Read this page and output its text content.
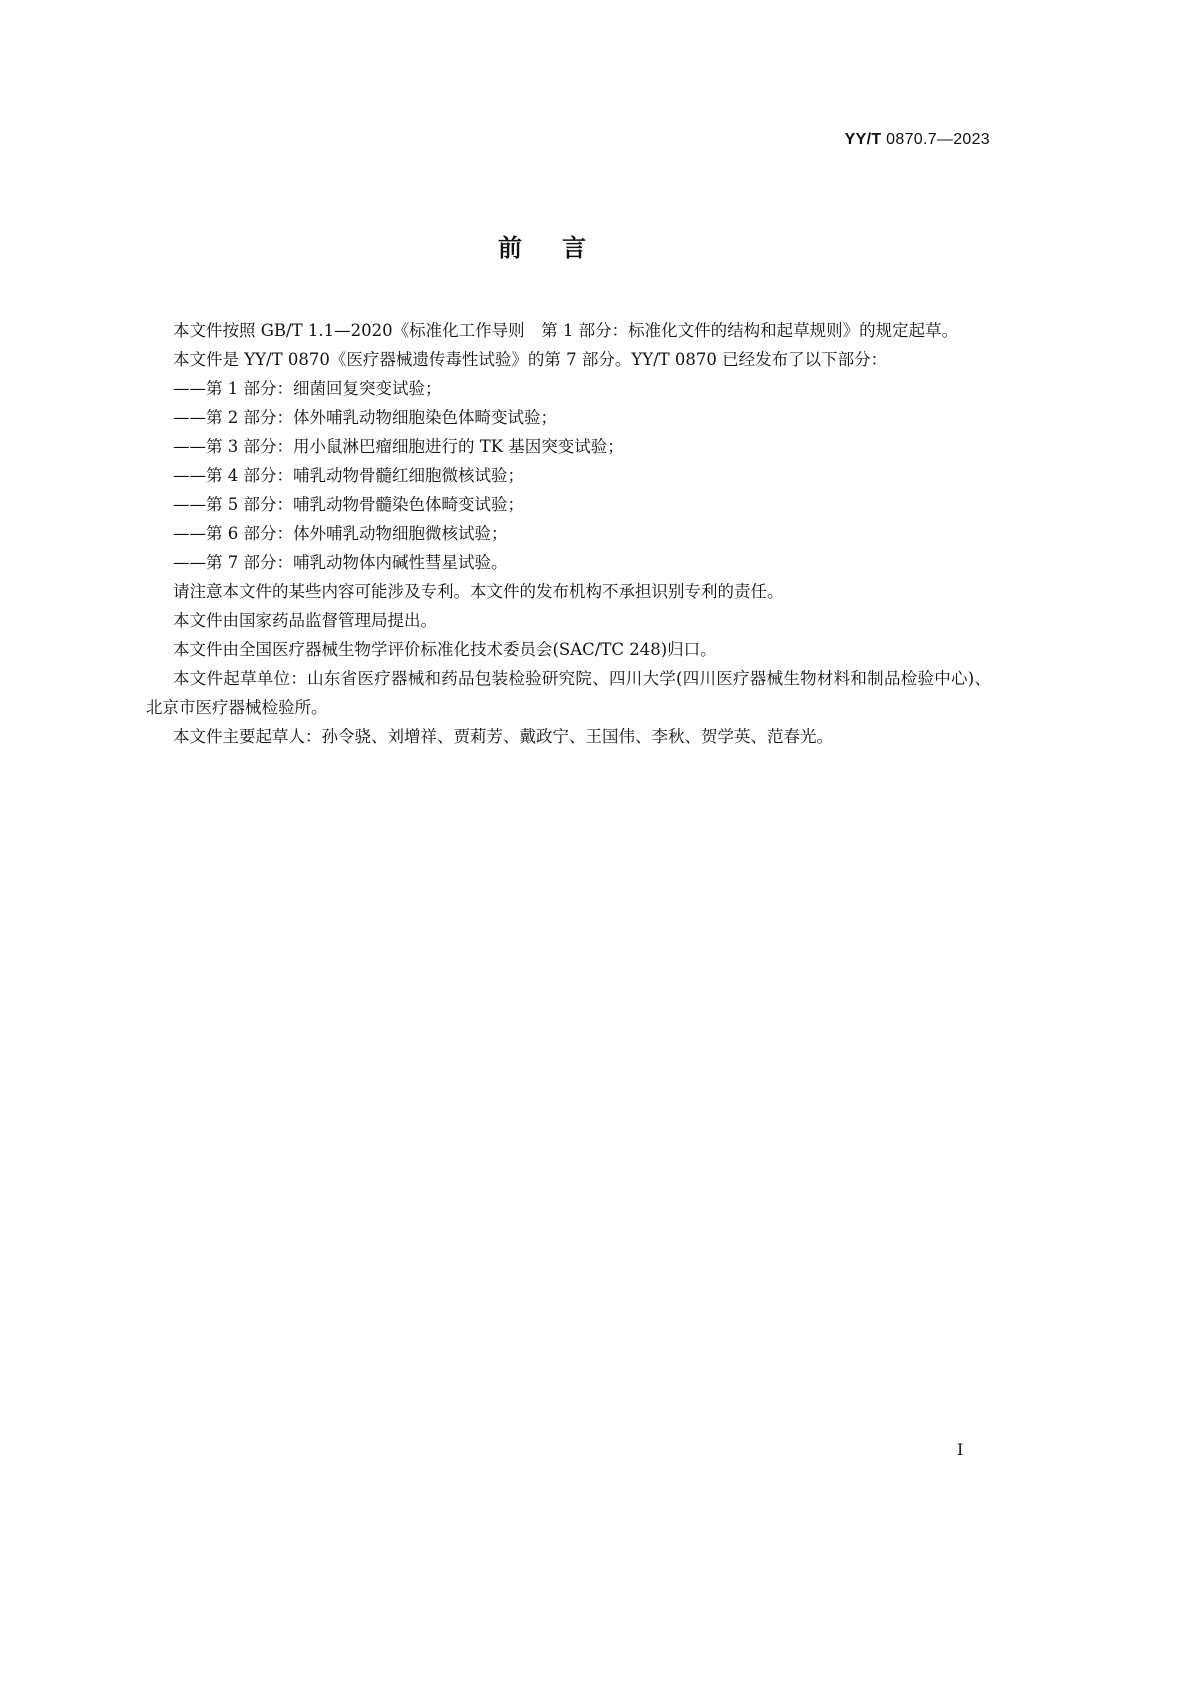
YY/T 0870.7—2023
前言

本文件按照 GB/T 1.1—2020《标准化工作导则　第 1 部分：标准化文件的结构和起草规则》的规定起草。

本文件是 YY/T 0870《医疗器械遗传毒性试验》的第 7 部分。YY/T 0870 已经发布了以下部分：

——第 1 部分：细菌回复突变试验；

——第 2 部分：体外哺乳动物细胞染色体畸变试验；

——第 3 部分：用小鼠淋巴瘤细胞进行的 TK 基因突变试验；

——第 4 部分：哺乳动物骨髓红细胞微核试验；

——第 5 部分：哺乳动物骨髓染色体畸变试验；

——第 6 部分：体外哺乳动物细胞微核试验；

——第 7 部分：哺乳动物体内碱性彗星试验。

请注意本文件的某些内容可能涉及专利。本文件的发布机构不承担识别专利的责任。

本文件由国家药品监督管理局提出。

本文件由全国医疗器械生物学评价标准化技术委员会(SAC/TC 248)归口。

本文件起草单位：山东省医疗器械和药品包装检验研究院、四川大学(四川医疗器械生物材料和制品检验中心)、北京市医疗器械检验所。

本文件主要起草人：孙令骁、刘增祥、贾莉芳、戴政宁、王国伟、李秋、贺学英、范春光。

I
